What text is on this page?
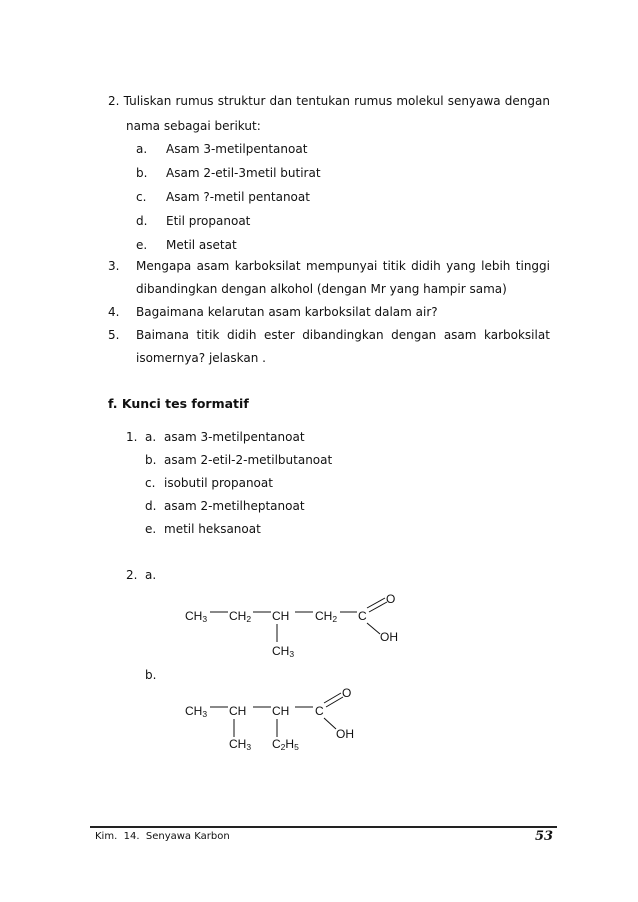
2. Tuliskan rumus struktur dan tentukan rumus molekul senyawa dengan
nama sebagai berikut:
a. Asam 3-metilpentanoat
b. Asam 2-etil-3metil butirat
c. Asam ?-metil pentanoat
d. Etil propanoat
e. Metil asetat
3. Mengapa asam karboksilat mempunyai titik didih yang lebih tinggi
dibandingkan dengan alkohol (dengan Mr yang hampir sama)
4. Bagaimana kelarutan asam karboksilat dalam air?
5. Baimana titik didih ester dibandingkan dengan asam karboksilat
isomernya? jelaskan .
f. Kunci tes formatif
1. a. asam 3-metilpentanoat
b. asam 2-etil-2-metilbutanoat
c. isobutil propanoat
d. asam 2-metilheptanoat
e. metil heksanoat
2. a.
$CH_3$ $CH_2$ CH $CH_2$ C
O
OH
$CH_3$
b.
$CH_3$ CH CH C
O
OH
$CH_3$ $C_2H_5$
Kim.  14.  Senyawa Karbon	53
